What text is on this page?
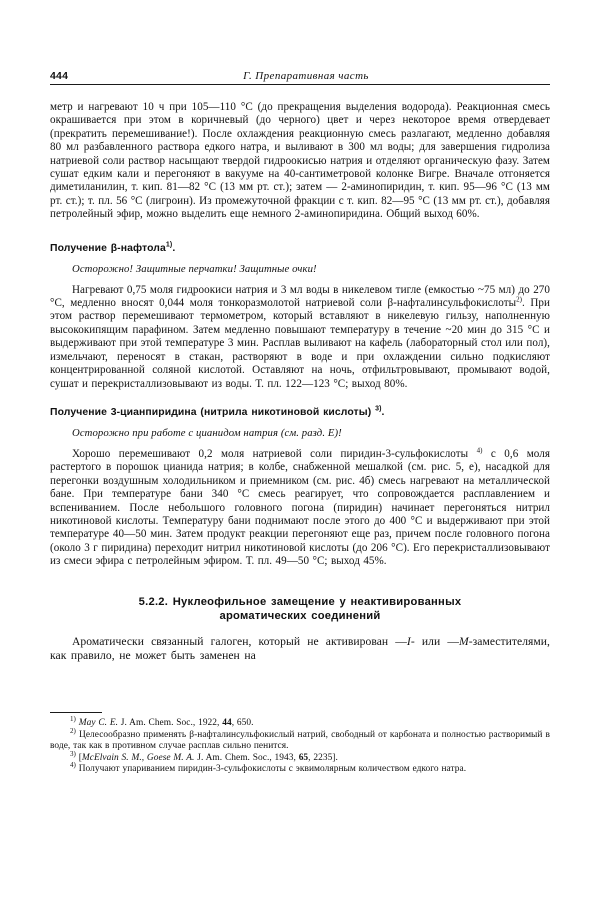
444	Г. Препаративная часть

метр и нагревают 10 ч при 105—110 °С (до прекращения выделения водорода). Реакционная смесь окрашивается при этом в коричневый (до черного) цвет и через некоторое время отвердевает (прекратить перемешивание!). После охлаждения реакционную смесь разлагают, медленно добавляя 80 мл разбавленного раствора едкого натра, и выливают в 300 мл воды; для завершения гидролиза натриевой соли раствор насыщают твердой гидроокисью натрия и отделяют органическую фазу. Затем сушат едким кали и перегоняют в вакууме на 40-сантиметровой колонке Вигре. Вначале отгоняется диметиланилин, т. кип. 81—82 °С (13 мм рт. ст.); затем — 2-аминопиридин, т. кип. 95—96 °С (13 мм рт. ст.); т. пл. 56 °С (лигроин). Из промежуточной фракции с т. кип. 82—95 °С (13 мм рт. ст.), добавляя петролейный эфир, можно выделить еще немного 2-аминопиридина. Общий выход 60%.

Получение β-нафтола$^{1)}$.

Осторожно! Защитные перчатки! Защитные очки!

Нагревают 0,75 моля гидроокиси натрия и 3 мл воды в никелевом тигле (емкостью ~75 мл) до 270 °С, медленно вносят 0,044 моля тонкоразмолотой натриевой соли β-нафталинсульфокислоты$^{2)}$. При этом раствор перемешивают термометром, который вставляют в никелевую гильзу, наполненную высококипящим парафином. Затем медленно повышают температуру в течение ~20 мин до 315 °С и выдерживают при этой температуре 3 мин. Расплав выливают на кафель (лабораторный стол или пол), измельчают, переносят в стакан, растворяют в воде и при охлаждении сильно подкисляют концентрированной соляной кислотой. Оставляют на ночь, отфильтровывают, промывают водой, сушат и перекристаллизовывают из воды. Т. пл. 122—123 °С; выход 80%.

Получение 3-цианпиридина (нитрила никотиновой кислоты) $^{3)}$.

Осторожно при работе с цианидом натрия (см. разд. Е)!

Хорошо перемешивают 0,2 моля натриевой соли пиридин-3-сульфокислоты $^{4)}$ с 0,6 моля растертого в порошок цианида натрия; в колбе, снабженной мешалкой (см. рис. 5, е), насадкой для перегонки воздушным холодильником и приемником (см. рис. 4б) смесь нагревают на металлической бане. При температуре бани 340 °С смесь реагирует, что сопровождается расплавлением и вспениванием. После небольшого головного погона (пиридин) начинает перегоняться нитрил никотиновой кислоты. Температуру бани поднимают после этого до 400 °С и выдерживают при этой температуре 40—50 мин. Затем продукт реакции перегоняют еще раз, причем после головного погона (около 3 г пиридина) переходит нитрил никотиновой кислоты (до 206 °С). Его перекристаллизовывают из смеси эфира с петролейным эфиром. Т. пл. 49—50 °С; выход 45%.

5.2.2. Нуклеофильное замещение у неактивированных
ароматических соединений

Ароматически связанный галоген, который не активирован —I- или —М-заместителями, как правило, не может быть заменен на

$^{1)}$ May C. E. J. Am. Chem. Soc., 1922, 44, 650.

$^{2)}$ Целесообразно применять β-нафталинсульфокислый натрий, свободный от карбоната и полностью растворимый в воде, так как в противном случае расплав сильно пенится.

$^{3)}$ [McElvain S. M., Goese M. A. J. Am. Chem. Soc., 1943, 65, 2235].

$^{4)}$ Получают упариванием пиридин-3-сульфокислоты с эквимолярным количеством едкого натра.
